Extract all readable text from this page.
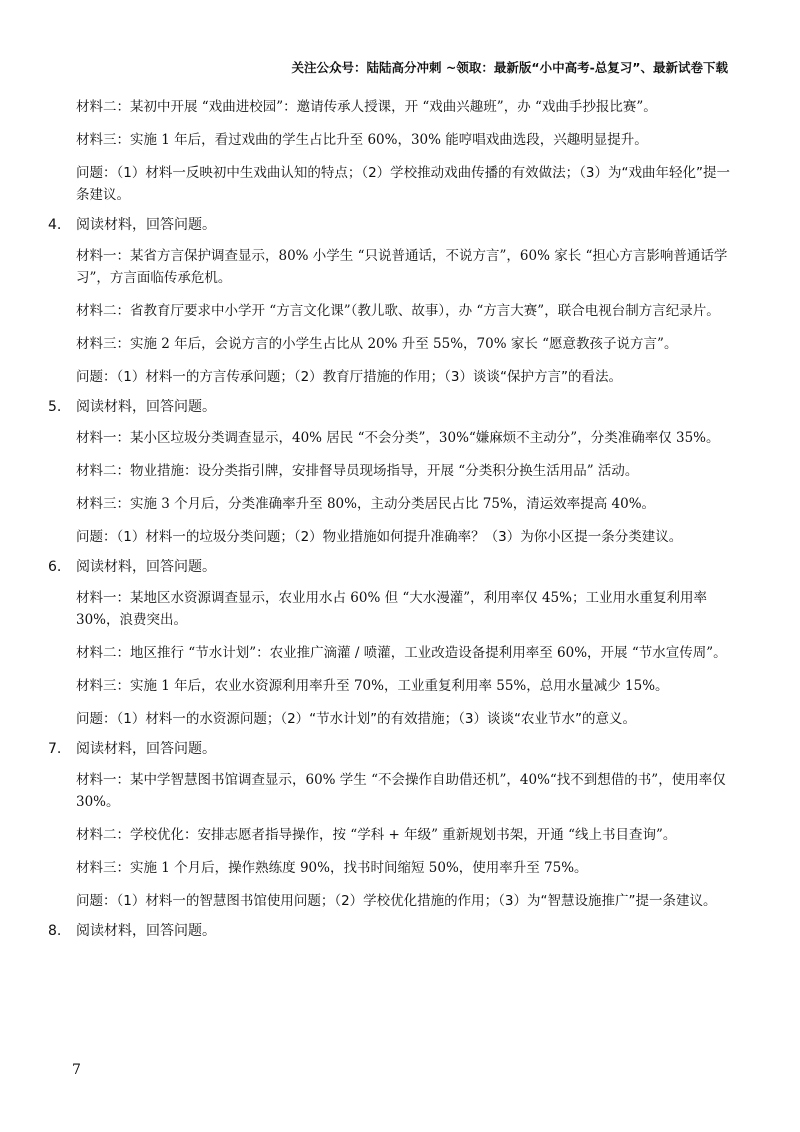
关注公众号：陆陆高分冲刺 ~领取：最新版“小中高考-总复习”、最新试卷下载

材料二：某初中开展 “戏曲进校园”：邀请传承人授课，开 “戏曲兴趣班”，办 “戏曲手抄报比赛”。

材料三：实施 1 年后，看过戏曲的学生占比升至 60%，30% 能哼唱戏曲选段，兴趣明显提升。

问题：（1）材料一反映初中生戏曲认知的特点；（2）学校推动戏曲传播的有效做法；（3）为“戏曲年轻化”提一条建议。

4.	阅读材料，回答问题。

材料一：某省方言保护调查显示，80% 小学生 “只说普通话，不说方言”，60% 家长 “担心方言影响普通话学习”，方言面临传承危机。

材料二：省教育厅要求中小学开 “方言文化课”（教儿歌、故事），办 “方言大赛”，联合电视台制方言纪录片。

材料三：实施 2 年后，会说方言的小学生占比从 20% 升至 55%，70% 家长 “愿意教孩子说方言”。

问题：（1）材料一的方言传承问题；（2）教育厅措施的作用；（3）谈谈“保护方言”的看法。

5.	阅读材料，回答问题。

材料一：某小区垃圾分类调查显示，40% 居民 “不会分类”，30%“嫌麻烦不主动分”，分类准确率仅 35%。

材料二：物业措施：设分类指引牌，安排督导员现场指导，开展 “分类积分换生活用品” 活动。

材料三：实施 3 个月后，分类准确率升至 80%，主动分类居民占比 75%，清运效率提高 40%。

问题：（1）材料一的垃圾分类问题；（2）物业措施如何提升准确率？（3）为你小区提一条分类建议。

6.	阅读材料，回答问题。

材料一：某地区水资源调查显示，农业用水占 60% 但 “大水漫灌”，利用率仅 45%；工业用水重复利用率 30%，浪费突出。

材料二：地区推行 “节水计划”：农业推广滴灌 / 喷灌，工业改造设备提利用率至 60%，开展 “节水宣传周”。

材料三：实施 1 年后，农业水资源利用率升至 70%，工业重复利用率 55%，总用水量减少 15%。

问题：（1）材料一的水资源问题；（2）“节水计划”的有效措施；（3）谈谈“农业节水”的意义。

7.	阅读材料，回答问题。

材料一：某中学智慧图书馆调查显示，60% 学生 “不会操作自助借还机”，40%“找不到想借的书”，使用率仅 30%。

材料二：学校优化：安排志愿者指导操作，按 “学科 + 年级” 重新规划书架，开通 “线上书目查询”。

材料三：实施 1 个月后，操作熟练度 90%，找书时间缩短 50%，使用率升至 75%。

问题：（1）材料一的智慧图书馆使用问题；（2）学校优化措施的作用；（3）为“智慧设施推广”提一条建议。

8.	阅读材料，回答问题。
7
